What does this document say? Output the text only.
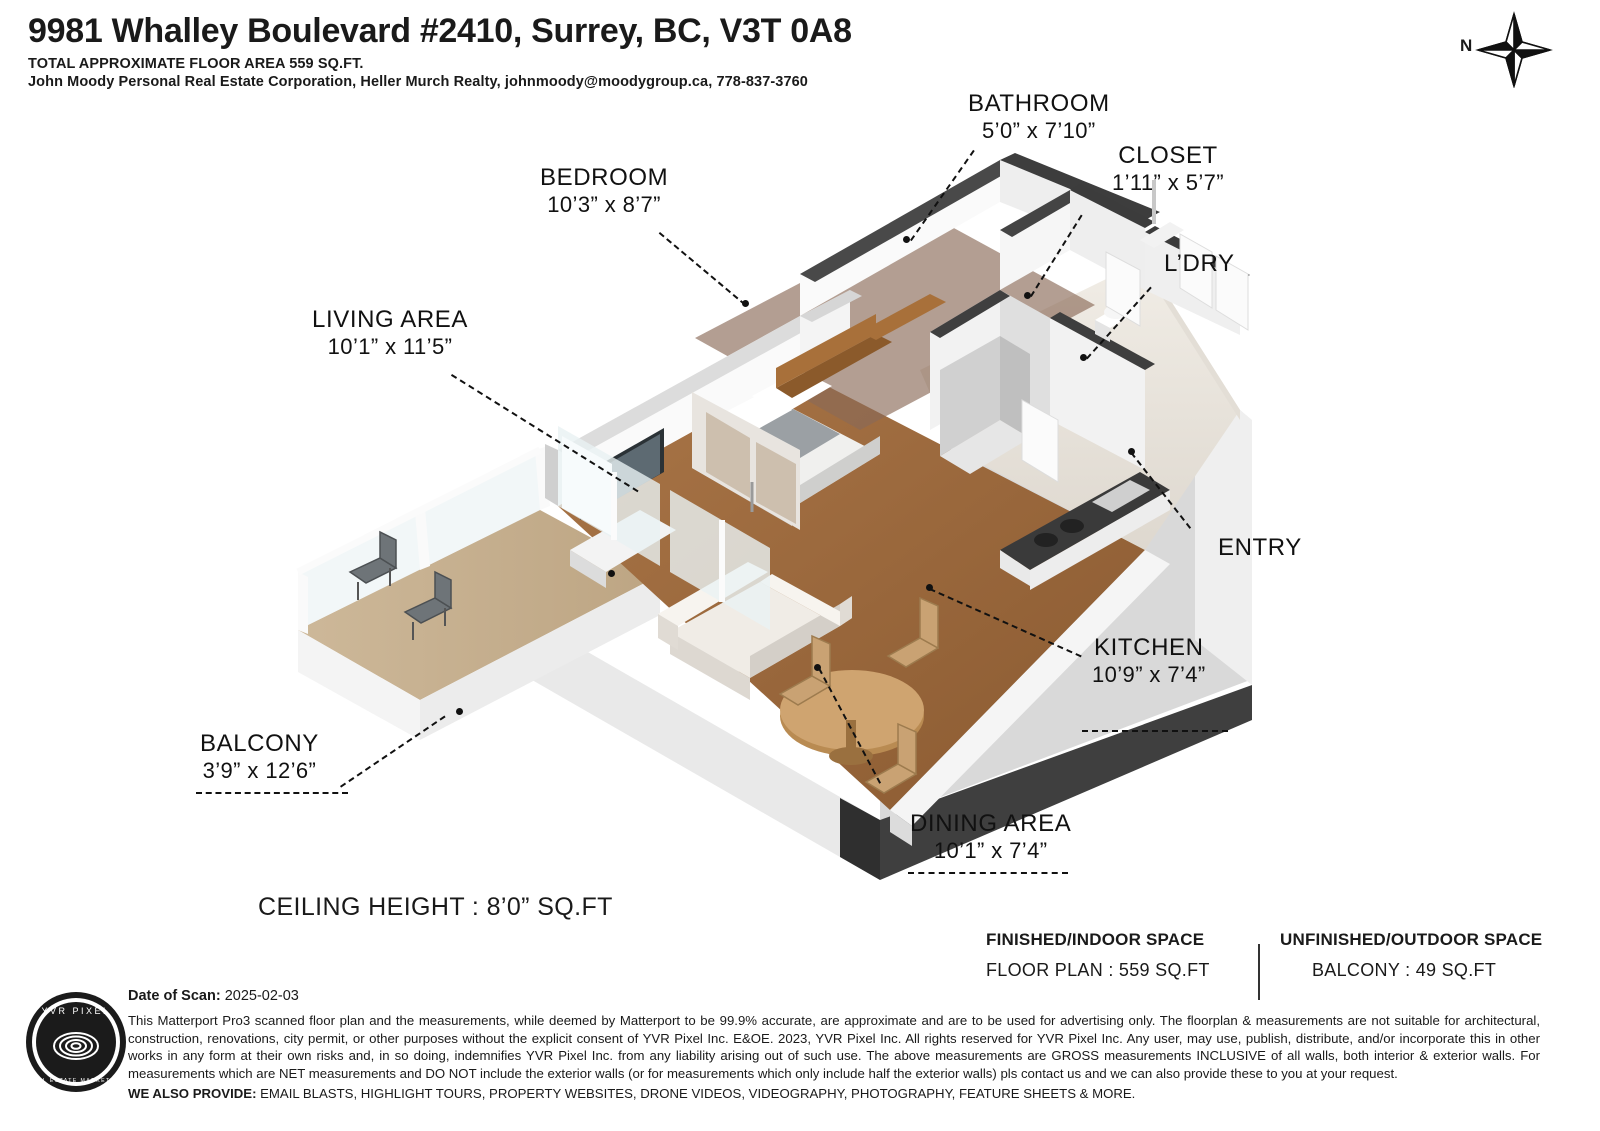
9981 Whalley Boulevard #2410, Surrey, BC, V3T 0A8
TOTAL APPROXIMATE FLOOR AREA 559 SQ.FT.
John Moody Personal Real Estate Corporation, Heller Murch Realty, johnmoody@moodygroup.ca, 778-837-3760
N
BATHROOM
5’0” x 7’10”
CLOSET
1’11” x 5’7”
L’DRY
BEDROOM
10’3” x 8’7”
LIVING AREA
10’1” x 11’5”
ENTRY
KITCHEN
10’9” x 7’4”
DINING AREA
10’1” x 7’4”
BALCONY
3’9” x 12’6”
CEILING HEIGHT : 8’0” SQ.FT
FINISHED/INDOOR SPACE
FLOOR PLAN : 559 SQ.FT
UNFINISHED/OUTDOOR SPACE
BALCONY : 49 SQ.FT
YVR PIXEL
REAL ESTATE MARKETING
Date of Scan: 2025-02-03
This Matterport Pro3 scanned floor plan and the measurements, while deemed by Matterport to be 99.9% accurate, are approximate and are to be used for advertising only. The floorplan & measurements are not suitable for architectural, construction, renovations, city permit, or other purposes without the explicit consent of YVR Pixel Inc. E&OE. 2023, YVR Pixel Inc. All rights reserved for YVR Pixel Inc. Any user, may use, publish, distribute, and/or incorporate this in other works in any form at their own risks and, in so doing, indemnifies YVR Pixel Inc. from any liability arising out of such use. The above measurements are GROSS measurements INCLUSIVE of all walls, both interior & exterior walls. For measurements which are NET measurements and DO NOT include the exterior walls (or for measurements which only include half the exterior walls) pls contact us and we can also provide these to you at your request.
WE ALSO PROVIDE: EMAIL BLASTS, HIGHLIGHT TOURS, PROPERTY WEBSITES, DRONE VIDEOS, VIDEOGRAPHY, PHOTOGRAPHY, FEATURE SHEETS & MORE.
